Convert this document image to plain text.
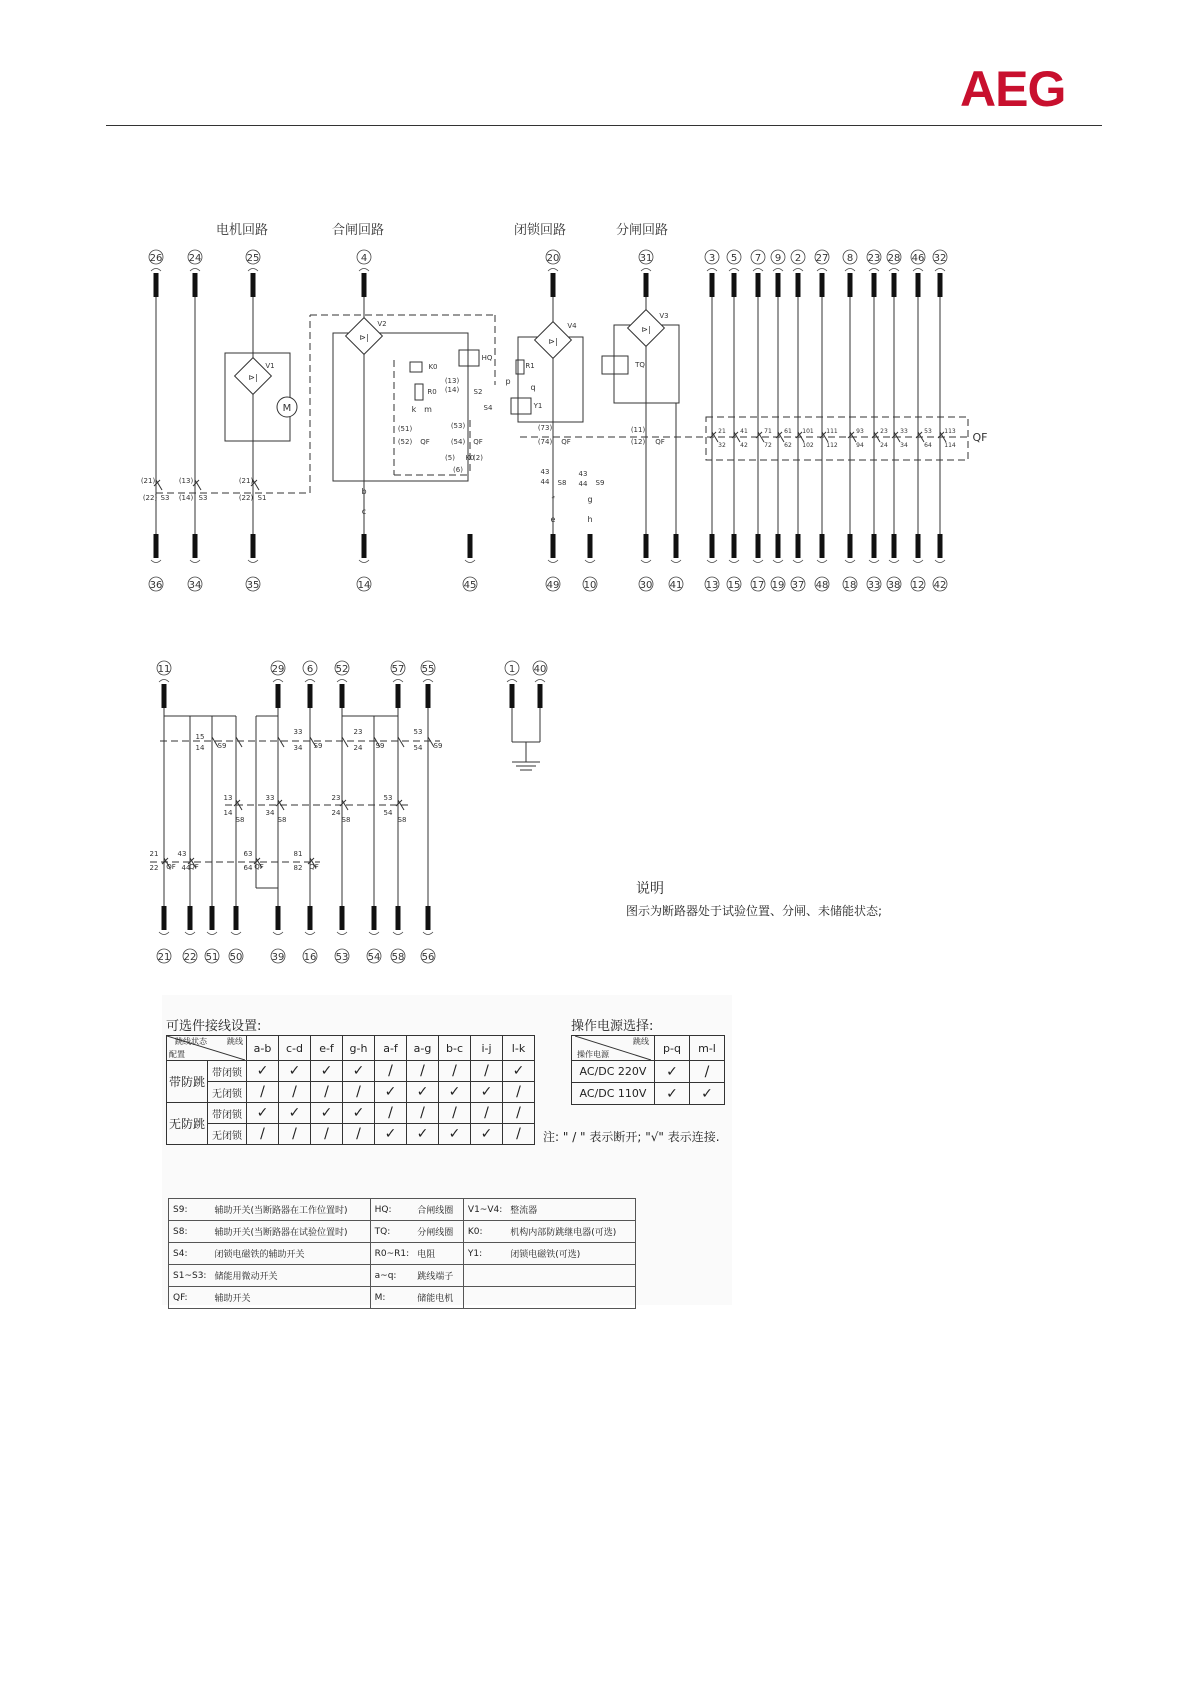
AEG
电机回路	合闸回路	闭锁回路	分闸回路
26	24	25	4	20	31	3 5 7 9 2 27 8 23 28 46 32
36	34	35	14	45	49 10	30 41 13 15 17 19 37 48 18 33 38 12 42
⊳|
M
V1
(21)
(22) S3
(13)
(14) S3
(21)
(22) S1
⊳|
V2
HQ
K0
R0
(13)
(14) S2
(53)
(54) QF
(51)
(52) QF
(5)
(6)
K0
(2)
b
c
k m	S4
⊳|
V4
R1
Y1
p
q
(73)
(74) QF
43
44 S8
43
44 S9
f	g
e	h
⊳|
V3
TQ
(11)
(12) QF	QF
21 41	71 61 101 111	93	23 33	53 113
32 42	72 62 102 112	94	24 34	64 114
11	29 6 52	57 55	1 40
21 22 51 50	39 16 53 54 58 56
15
14 S9
33
34 S9
23
24 S9
53
54 S9
13
14
S8
33
34
S8
23
24
S8
53
54
S8
21
22 QF
43
44
QF
63
64 QF
81
82 QF
说明
图示为断路器处于试验位置、分闸、未储能状态;
可选件接线设置:
跳线
配置
跳线状态		a-b	c-d	e-f	g-h	a-f	a-g	b-c	i-j	l-k
带防跳	带闭锁	✓	✓	✓	✓	/	/	/	/	✓
	无闭锁	/	/	/	/	✓	✓	✓	✓	/
无防跳	带闭锁	✓	✓	✓	✓	/	/	/	/	/
	无闭锁	/	/	/	/	✓	✓	✓	✓	/
操作电源选择:
跳线
操作电源	p-q	m-l
AC/DC 220V	✓	/
AC/DC 110V	✓	✓
注: " / " 表示断开; "√" 表示连接.
S9:	辅助开关(当断路器在工作位置时)	HQ:	合闸线圈	V1~V4:	整流器
S8:	辅助开关(当断路器在试验位置时)	TQ:	分闸线圈	K0:	机构内部防跳继电器(可选)
S4:	闭锁电磁铁的辅助开关	R0~R1:	电阻	Y1:	闭锁电磁铁(可选)
S1~S3:	储能用微动开关	a~q:	跳线端子		
QF:	辅助开关	M:	储能电机		
